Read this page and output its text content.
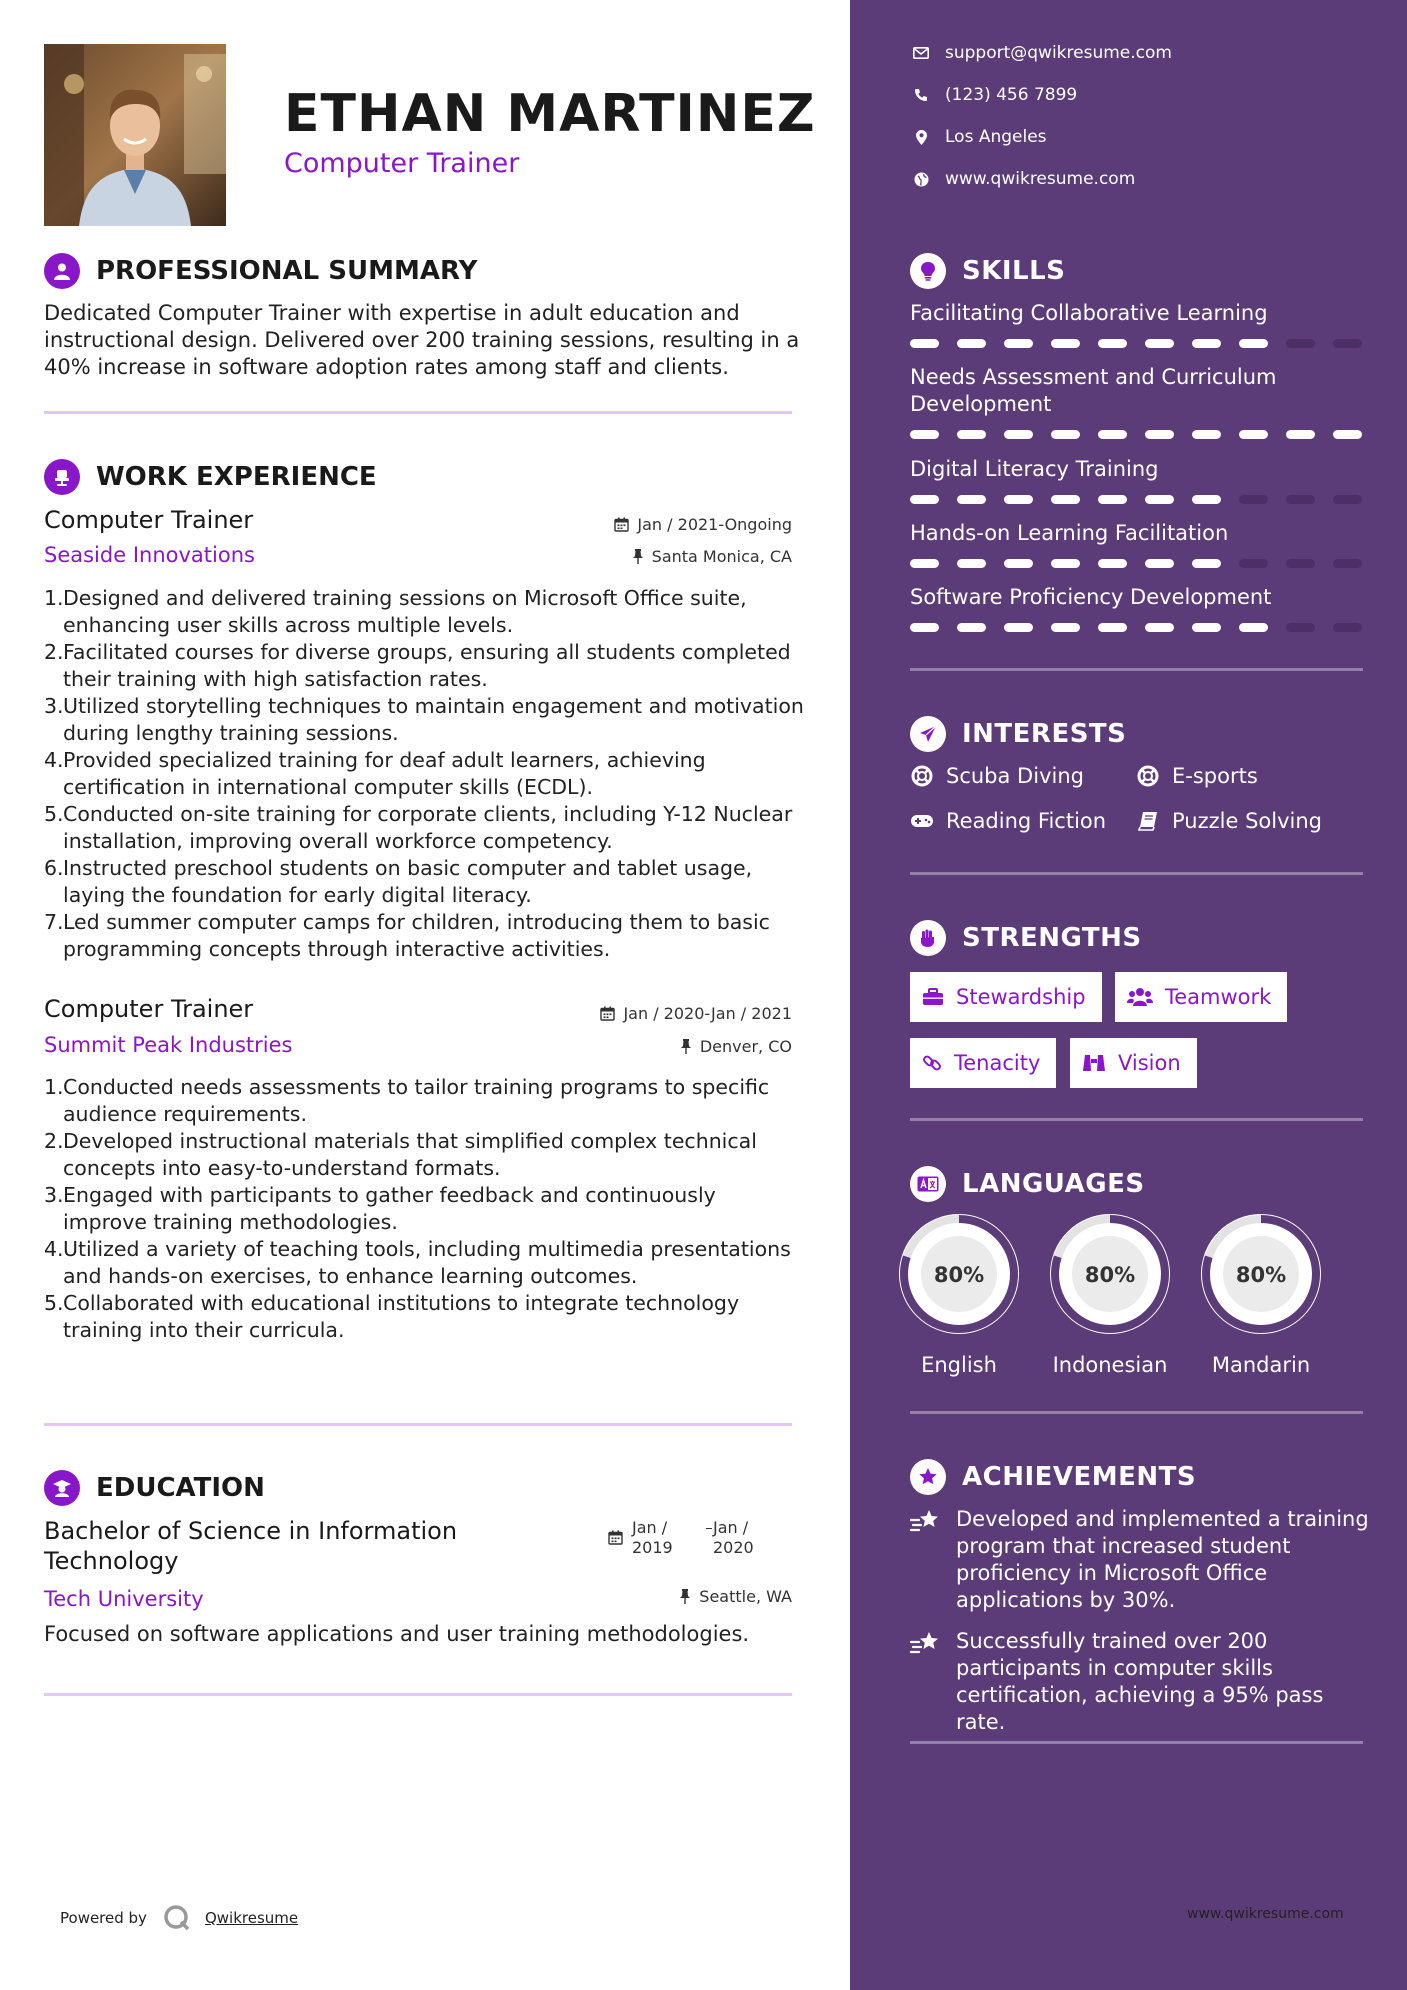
ETHAN MARTINEZ
Computer Trainer
PROFESSIONAL SUMMARY
Dedicated Computer Trainer with expertise in adult education and instructional design. Delivered over 200 training sessions, resulting in a 40% increase in software adoption rates among staff and clients.
WORK EXPERIENCE
Computer Trainer
Seaside Innovations
Jan / 2021-Ongoing
Santa Monica, CA
1. Designed and delivered training sessions on Microsoft Office suite, enhancing user skills across multiple levels.
2. Facilitated courses for diverse groups, ensuring all students completed their training with high satisfaction rates.
3. Utilized storytelling techniques to maintain engagement and motivation during lengthy training sessions.
4. Provided specialized training for deaf adult learners, achieving certification in international computer skills (ECDL).
5. Conducted on-site training for corporate clients, including Y-12 Nuclear installation, improving overall workforce competency.
6. Instructed preschool students on basic computer and tablet usage, laying the foundation for early digital literacy.
7. Led summer computer camps for children, introducing them to basic programming concepts through interactive activities.
Computer Trainer
Summit Peak Industries
Jan / 2020-Jan / 2021
Denver, CO
1. Conducted needs assessments to tailor training programs to specific audience requirements.
2. Developed instructional materials that simplified complex technical concepts into easy-to-understand formats.
3. Engaged with participants to gather feedback and continuously improve training methodologies.
4. Utilized a variety of teaching tools, including multimedia presentations and hands-on exercises, to enhance learning outcomes.
5. Collaborated with educational institutions to integrate technology training into their curricula.
EDUCATION
Bachelor of Science in Information Technology
Tech University
Jan / 2019
Jan / 2020
Seattle, WA
Focused on software applications and user training methodologies.
Powered by	Qwikresume
support@qwikresume.com
(123) 456 7899
Los Angeles
www.qwikresume.com
SKILLS
Facilitating Collaborative Learning
Needs Assessment and Curriculum Development
Digital Literacy Training
Hands-on Learning Facilitation
Software Proficiency Development
INTERESTS
Scuba Diving	E-sports
Reading Fiction	Puzzle Solving
STRENGTHS
Stewardship	Teamwork
Tenacity	Vision
LANGUAGES
80%
English
80%
Indonesian
80%
Mandarin
ACHIEVEMENTS
Developed and implemented a training program that increased student proficiency in Microsoft Office applications by 30%.
Successfully trained over 200 participants in computer skills certification, achieving a 95% pass rate.
www.qwikresume.com
